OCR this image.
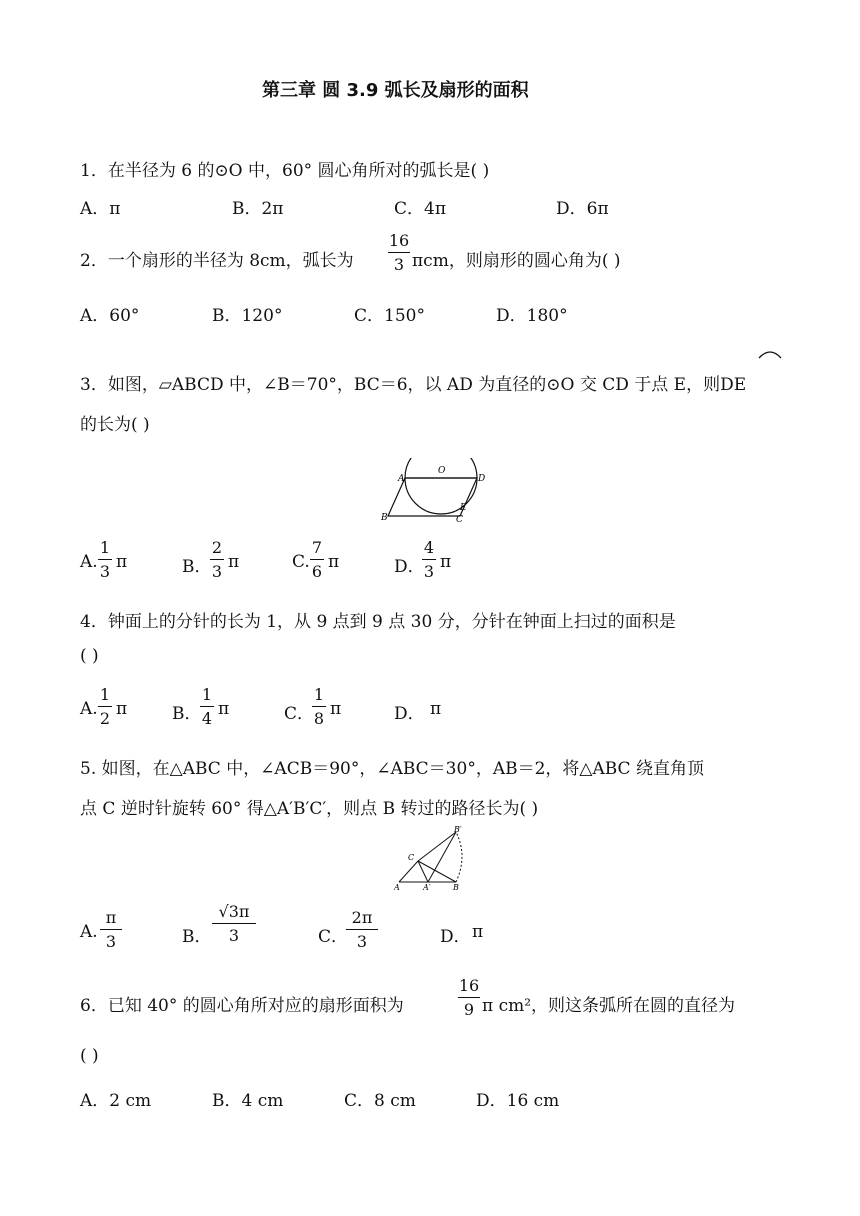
第三章 圆 3.9 弧长及扇形的面积
1．在半径为 6 的⊙O 中，60° 圆心角所对的弧长是( )
A．π	B．2π	C．4π	D．6π
2．一个扇形的半径为 8cm，弧长为
16
3 πcm，则扇形的圆心角为( )
A．60°	B．120°	C．150°	D．180°
3．如图，▱ABCD 中，∠B＝70°，BC＝6，以 AD 为直径的⊙O 交 CD 于点 E，则DE
的长为( )
A	D
B	C
E
O
A.
1
3 π	B．
2
3 π	C.
7
6 π	D．
4
3 π
4．钟面上的分针的长为 1，从 9 点到 9 点 30 分，分针在钟面上扫过的面积是
( )
A.
1
2 π	B．
1
4 π	C．
1
8 π	D． π
5. 如图，在△ABC 中，∠ACB＝90°，∠ABC＝30°，AB＝2，将△ABC 绕直角顶
点 C 逆时针旋转 60° 得△A′B′C′，则点 B 转过的路径长为( )
A	A′	B
B′
C
A.
π
3	B．
√3π
3	C．
2π
3	D． π
6．已知 40° 的圆心角所对应的扇形面积为
16
9 π cm²，则这条弧所在圆的直径为
( )
A．2 cm	B．4 cm	C．8 cm	D．16 cm
